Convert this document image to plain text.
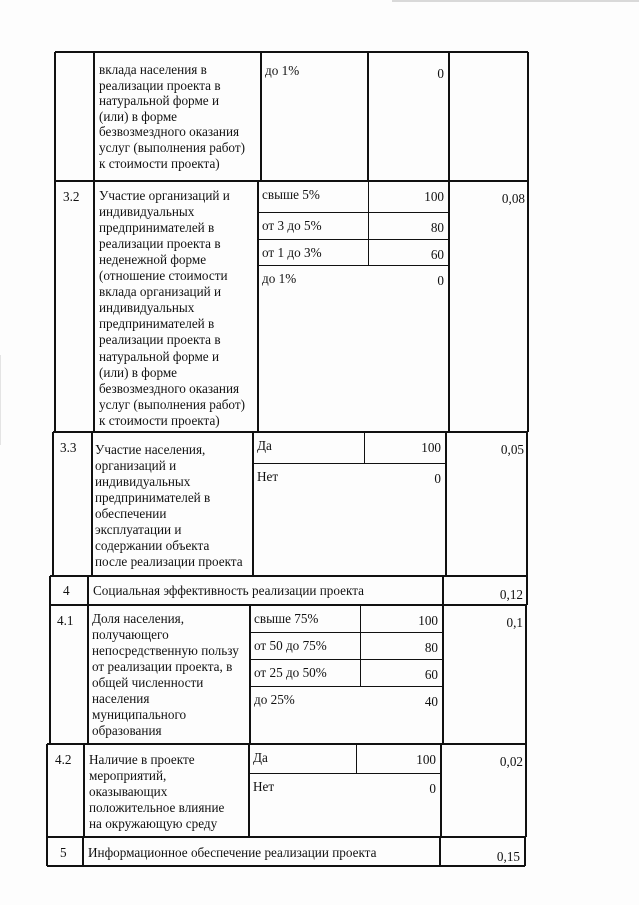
вклада населения в
реализации проекта в
натуральной форме и
(или) в форме
безвозмездного оказания
услуг (выполнения работ)
к стоимости проекта)
до 1%	0
3.2 Участие организаций и
индивидуальных
предпринимателей в
реализации проекта в
неденежной форме
(отношение стоимости
вклада организаций и
индивидуальных
предпринимателей в
реализации проекта в
натуральной форме и
(или) в форме
безвозмездного оказания
услуг (выполнения работ)
к стоимости проекта)
свыше 5%	100
от 3 до 5%	80
от 1 до 3%	60
до 1%	0
0,08
3.3 Участие населения,
организаций и
индивидуальных
предпринимателей в
обеспечении
эксплуатации и
содержании объекта
после реализации проекта
Да	100
Нет	0
0,05
4 Социальная эффективность реализации проекта	0,12
4.1 Доля населения,
получающего
непосредственную пользу
от реализации проекта, в
общей численности
населения
муниципального
образования
свыше 75%	100
от 50 до 75%	80
от 25 до 50%	60
до 25%	40
0,1
4.2 Наличие в проекте
мероприятий,
оказывающих
положительное влияние
на окружающую среду
Да	100
Нет	0
0,02
5 Информационное обеспечение реализации проекта	0,15
